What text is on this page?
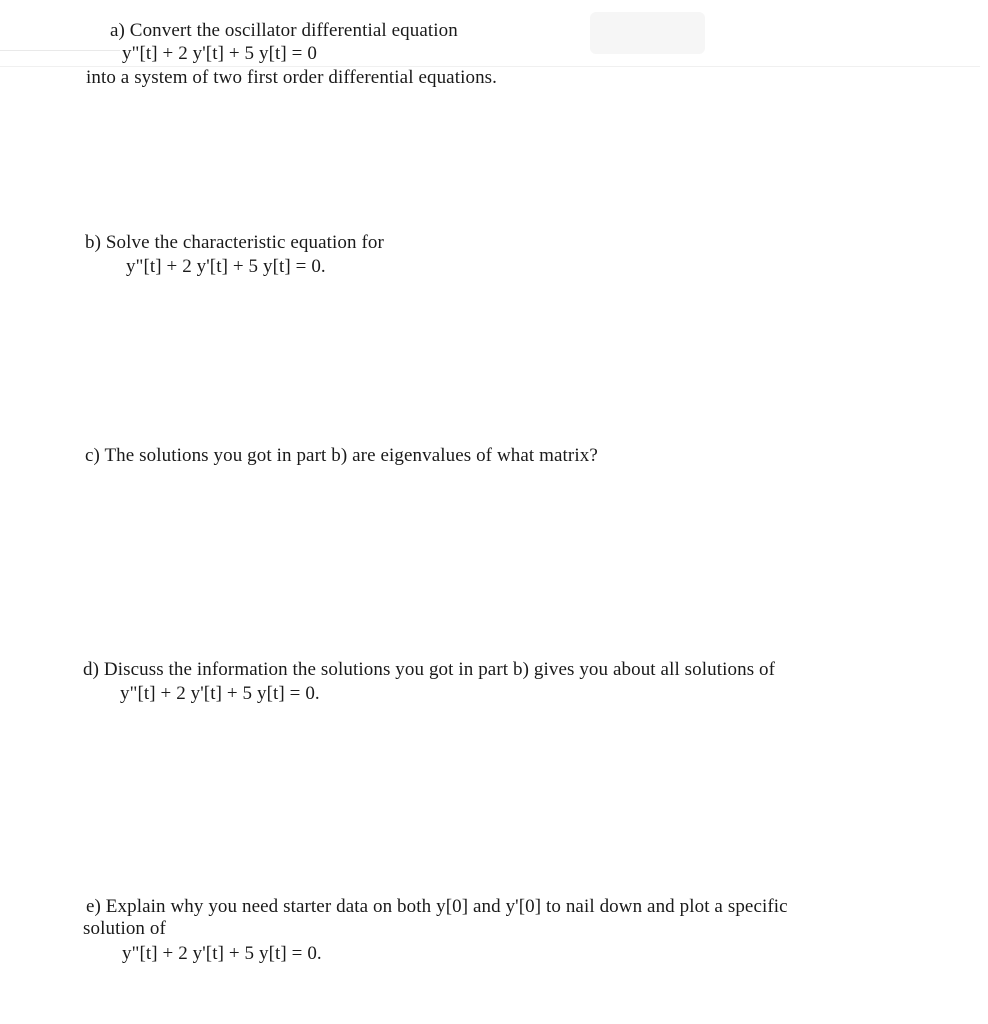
a) Convert the oscillator differential equation
y"[t] + 2 y'[t] + 5 y[t] = 0
into a system of two first order differential equations.
b) Solve the characteristic equation for
y"[t] + 2 y'[t] + 5 y[t] = 0.
c) The solutions you got in part b) are eigenvalues of what matrix?
d) Discuss the information the solutions you got in part b) gives you about all solutions of
y"[t] + 2 y'[t] + 5 y[t] = 0.
e) Explain why you need starter data on both y[0] and y'[0] to nail down and plot a specific
solution of
y"[t] + 2 y'[t] + 5 y[t] = 0.
